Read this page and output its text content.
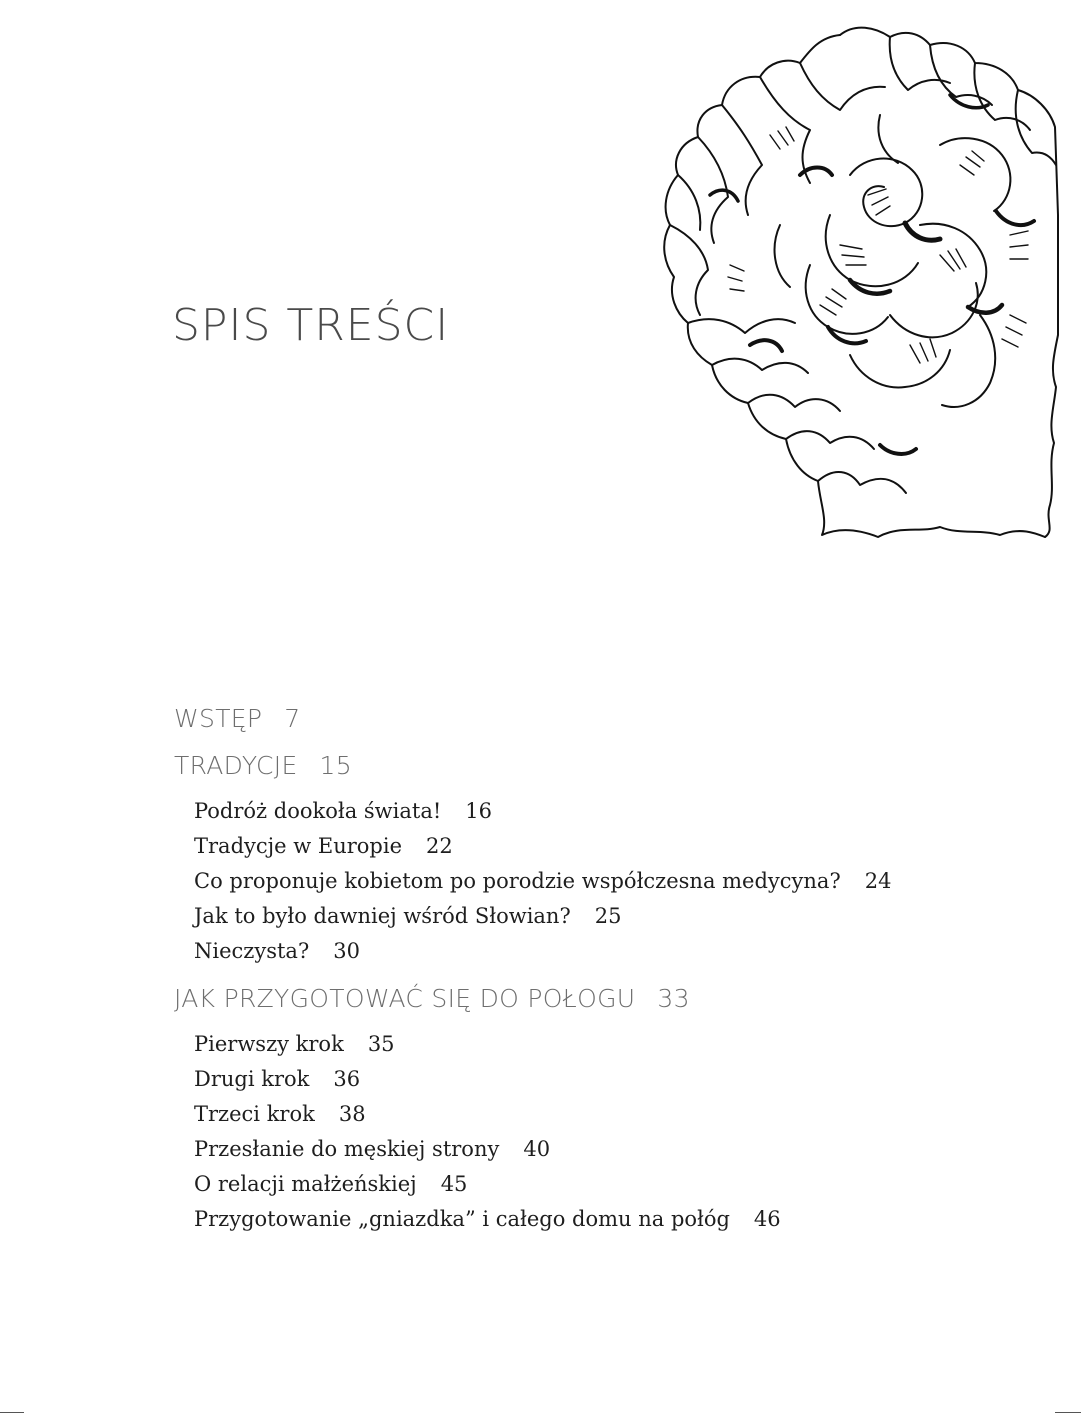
SPIS TREŚCI
WSTĘP 7
TRADYCJE 15
Podróż dookoła świata! 16
Tradycje w Europie 22
Co proponuje kobietom po porodzie współczesna medycyna? 24
Jak to było dawniej wśród Słowian? 25
Nieczysta? 30
JAK PRZYGOTOWAĆ SIĘ DO POŁOGU 33
Pierwszy krok 35
Drugi krok 36
Trzeci krok 38
Przesłanie do męskiej strony 40
O relacji małżeńskiej 45
Przygotowanie „gniazdka” i całego domu na połóg 46
